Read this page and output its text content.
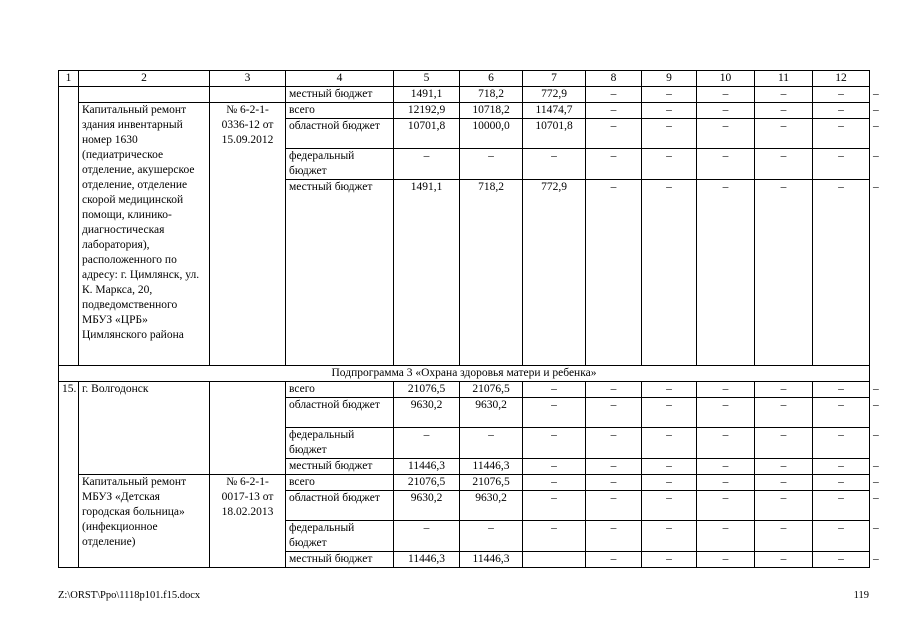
1	2	3	4	5	6	7	8	9	10	11	12	
			местный бюджет	1491,1	718,2	772,9	–	–	–	–	–	–
	Капитальный ремонт здания инвентарный номер 1630 (педиатрическое отделение, акушерское отделение, отделение скорой медицинской помощи, клинико-диагностическая лаборатория), расположенного по адресу: г. Цимлянск, ул. К. Маркса, 20, подведомственного МБУЗ «ЦРБ» Цимлянского района	№ 6-2-1-0336-12 от 15.09.2012	всего	12192,9	10718,2	11474,7	–	–	–	–	–	–
			областной бюджет	10701,8	10000,0	10701,8	–	–	–	–	–	–
			федеральный бюджет	–	–	–	–	–	–	–	–	–
			местный бюджет	1491,1	718,2	772,9	–	–	–	–	–	–
Подпрограмма 3 «Охрана здоровья матери и ребенка»												
15.	г. Волгодонск		всего	21076,5	21076,5	–	–	–	–	–	–	–
			областной бюджет	9630,2	9630,2	–	–	–	–	–	–	–
			федеральный бюджет	–	–	–	–	–	–	–	–	–
			местный бюджет	11446,3	11446,3	–	–	–	–	–	–	–
	Капитальный ремонт МБУЗ «Детская городская больница» (инфекционное отделение)	№ 6-2-1-0017-13 от 18.02.2013	всего	21076,5	21076,5	–	–	–	–	–	–	–
			областной бюджет	9630,2	9630,2	–	–	–	–	–	–	–
			федеральный бюджет	–	–	–	–	–	–	–	–	–
			местный бюджет	11446,3	11446,3		–	–	–	–	–	–
Z:\ORST\Ppo\1118p101.f15.docx	119
